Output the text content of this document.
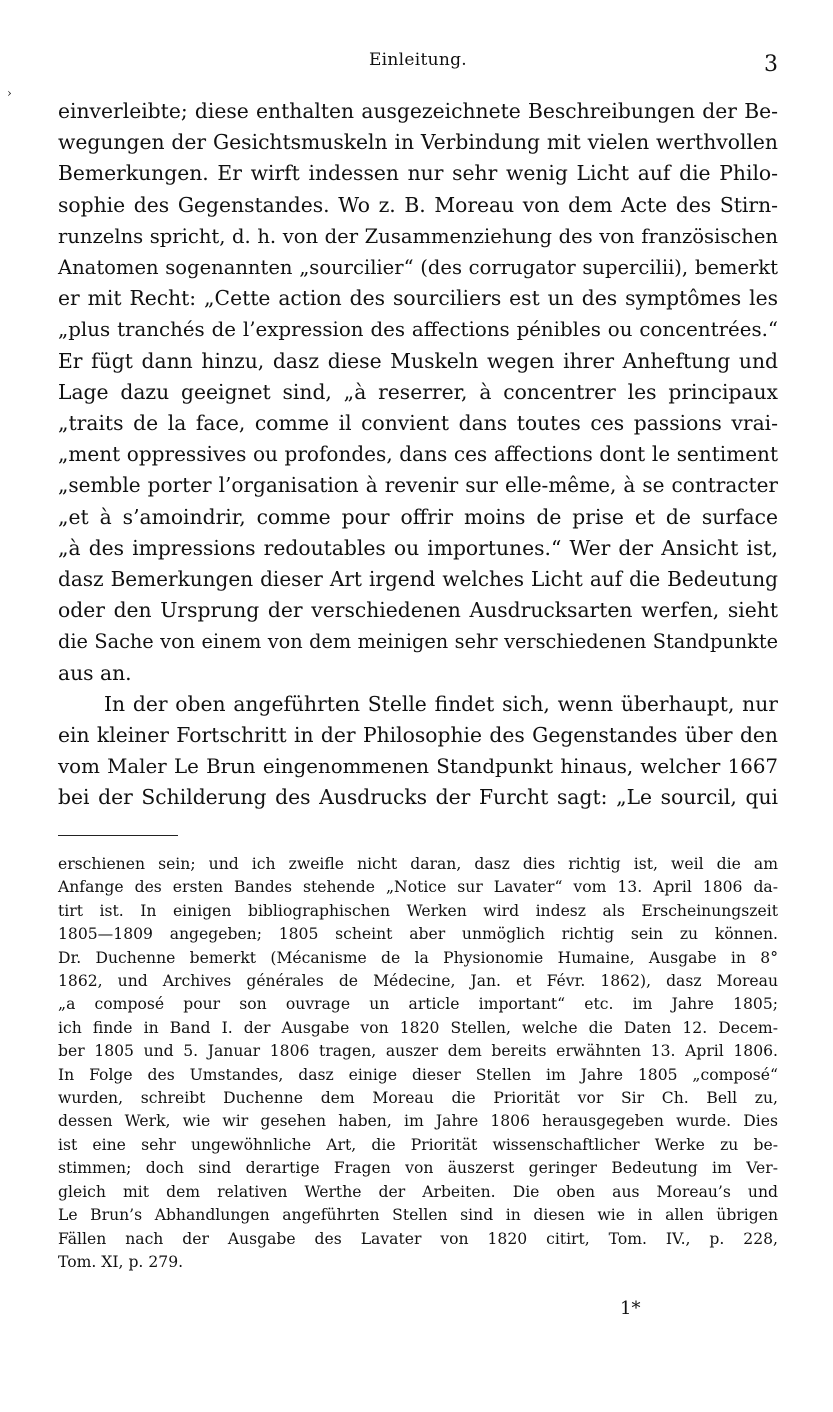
›
Einleitung.	3
einverleibte; diese enthalten ausgezeichnete Beschreibungen der Be-
wegungen der Gesichtsmuskeln in Verbindung mit vielen werthvollen
Bemerkungen. Er wirft indessen nur sehr wenig Licht auf die Philo-
sophie des Gegenstandes. Wo z. B. Moreau von dem Acte des Stirn-
runzelns spricht, d. h. von der Zusammenziehung des von französischen
Anatomen sogenannten „sourcilier“ (des corrugator supercilii), bemerkt
er mit Recht: „Cette action des sourciliers est un des symptômes les
„plus tranchés de l’expression des affections pénibles ou concentrées.“
Er fügt dann hinzu, dasz diese Muskeln wegen ihrer Anheftung und
Lage dazu geeignet sind, „à reserrer, à concentrer les principaux
„traits de la face, comme il convient dans toutes ces passions vrai-
„ment oppressives ou profondes, dans ces affections dont le sentiment
„semble porter l’organisation à revenir sur elle-même, à se contracter
„et à s’amoindrir, comme pour offrir moins de prise et de surface
„à des impressions redoutables ou importunes.“ Wer der Ansicht ist,
dasz Bemerkungen dieser Art irgend welches Licht auf die Bedeutung
oder den Ursprung der verschiedenen Ausdrucksarten werfen, sieht
die Sache von einem von dem meinigen sehr verschiedenen Standpunkte
aus an.
In der oben angeführten Stelle findet sich, wenn überhaupt, nur
ein kleiner Fortschritt in der Philosophie des Gegenstandes über den
vom Maler Le Brun eingenommenen Standpunkt hinaus, welcher 1667
bei der Schilderung des Ausdrucks der Furcht sagt: „Le sourcil, qui
erschienen sein; und ich zweifle nicht daran, dasz dies richtig ist, weil die am
Anfange des ersten Bandes stehende „Notice sur Lavater“ vom 13. April 1806 da-
tirt ist. In einigen bibliographischen Werken wird indesz als Erscheinungszeit
1805—1809 angegeben; 1805 scheint aber unmöglich richtig sein zu können.
Dr. Duchenne bemerkt (Mécanisme de la Physionomie Humaine, Ausgabe in 8°
1862, und Archives générales de Médecine, Jan. et Févr. 1862), dasz Moreau
„a composé pour son ouvrage un article important“ etc. im Jahre 1805;
ich finde in Band I. der Ausgabe von 1820 Stellen, welche die Daten 12. Decem-
ber 1805 und 5. Januar 1806 tragen, auszer dem bereits erwähnten 13. April 1806.
In Folge des Umstandes, dasz einige dieser Stellen im Jahre 1805 „composé“
wurden, schreibt Duchenne dem Moreau die Priorität vor Sir Ch. Bell zu,
dessen Werk, wie wir gesehen haben, im Jahre 1806 herausgegeben wurde. Dies
ist eine sehr ungewöhnliche Art, die Priorität wissenschaftlicher Werke zu be-
stimmen; doch sind derartige Fragen von äuszerst geringer Bedeutung im Ver-
gleich mit dem relativen Werthe der Arbeiten. Die oben aus Moreau’s und
Le Brun’s Abhandlungen angeführten Stellen sind in diesen wie in allen übrigen
Fällen nach der Ausgabe des Lavater von 1820 citirt, Tom. IV., p. 228,
Tom. XI, p. 279.
1*
